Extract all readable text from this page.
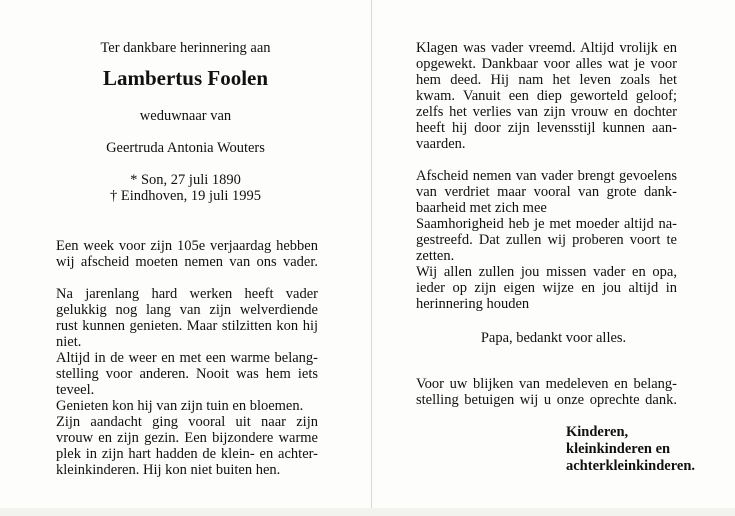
Ter dankbare herinnering aan
Lambertus Foolen
weduwnaar van
Geertruda Antonia Wouters
* Son, 27 juli 1890
† Eindhoven, 19 juli 1995
Een week voor zijn 105e verjaardag hebben
wij afscheid moeten nemen van ons vader.
Na jarenlang hard werken heeft vader
gelukkig nog lang van zijn welverdiende
rust kunnen genieten. Maar stilzitten kon hij
niet.
Altijd in de weer en met een warme belang-
stelling voor anderen. Nooit was hem iets
teveel.
Genieten kon hij van zijn tuin en bloemen.
Zijn aandacht ging vooral uit naar zijn
vrouw en zijn gezin. Een bijzondere warme
plek in zijn hart hadden de klein- en achter-
kleinkinderen. Hij kon niet buiten hen.
Klagen was vader vreemd. Altijd vrolijk en
opgewekt. Dankbaar voor alles wat je voor
hem deed. Hij nam het leven zoals het
kwam. Vanuit een diep geworteld geloof;
zelfs het verlies van zijn vrouw en dochter
heeft hij door zijn levensstijl kunnen aan-
vaarden.
Afscheid nemen van vader brengt gevoelens
van verdriet maar vooral van grote dank-
baarheid met zich mee
Saamhorigheid heb je met moeder altijd na-
gestreefd. Dat zullen wij proberen voort te
zetten.
Wij allen zullen jou missen vader en opa,
ieder op zijn eigen wijze en jou altijd in
herinnering houden
Papa, bedankt voor alles.
Voor uw blijken van medeleven en belang-
stelling betuigen wij u onze oprechte dank.
Kinderen,
kleinkinderen en
achterkleinkinderen.
